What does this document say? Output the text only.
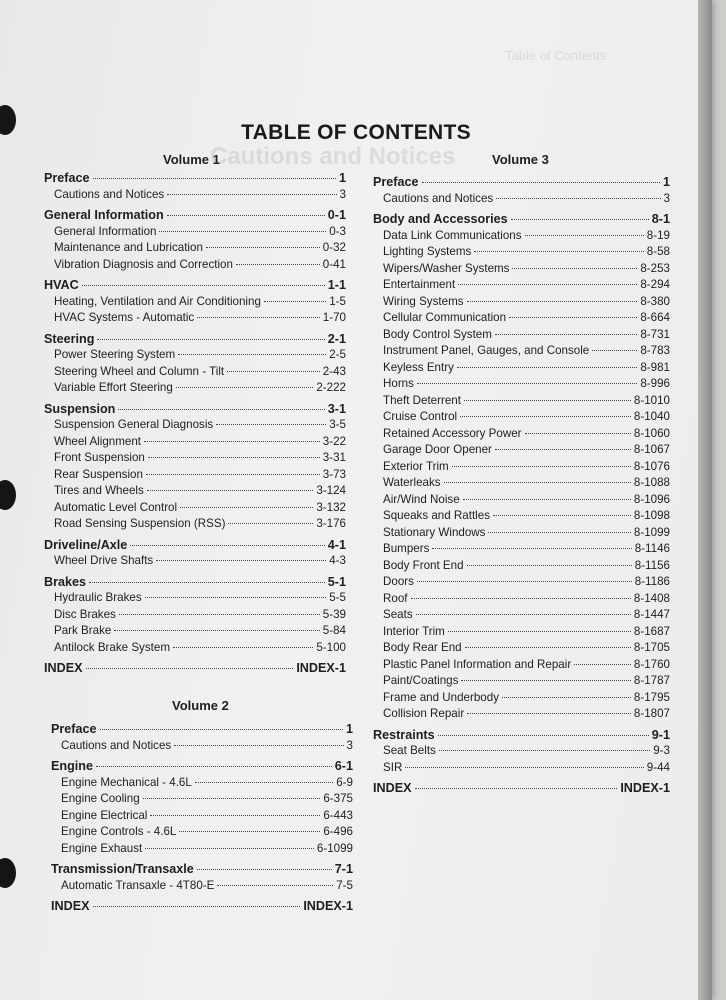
Table of Contents
Cautions and Notices
TABLE OF CONTENTS
Volume 1
Volume 2
Volume 3
Preface	1
Cautions and Notices	3
General Information	0-1
General Information	0-3
Maintenance and Lubrication	0-32
Vibration Diagnosis and Correction	0-41
HVAC	1-1
Heating, Ventilation and Air Conditioning	1-5
HVAC Systems - Automatic	1-70
Steering	2-1
Power Steering System	2-5
Steering Wheel and Column - Tilt	2-43
Variable Effort Steering	2-222
Suspension	3-1
Suspension General Diagnosis	3-5
Wheel Alignment	3-22
Front Suspension	3-31
Rear Suspension	3-73
Tires and Wheels	3-124
Automatic Level Control	3-132
Road Sensing Suspension (RSS)	3-176
Driveline/Axle	4-1
Wheel Drive Shafts	4-3
Brakes	5-1
Hydraulic Brakes	5-5
Disc Brakes	5-39
Park Brake	5-84
Antilock Brake System	5-100
INDEX	INDEX-1
Preface	1
Cautions and Notices	3
Engine	6-1
Engine Mechanical - 4.6L	6-9
Engine Cooling	6-375
Engine Electrical	6-443
Engine Controls - 4.6L	6-496
Engine Exhaust	6-1099
Transmission/Transaxle	7-1
Automatic Transaxle - 4T80-E	7-5
INDEX	INDEX-1
Preface	1
Cautions and Notices	3
Body and Accessories	8-1
Data Link Communications	8-19
Lighting Systems	8-58
Wipers/Washer Systems	8-253
Entertainment	8-294
Wiring Systems	8-380
Cellular Communication	8-664
Body Control System	8-731
Instrument Panel, Gauges, and Console	8-783
Keyless Entry	8-981
Horns	8-996
Theft Deterrent	8-1010
Cruise Control	8-1040
Retained Accessory Power	8-1060
Garage Door Opener	8-1067
Exterior Trim	8-1076
Waterleaks	8-1088
Air/Wind Noise	8-1096
Squeaks and Rattles	8-1098
Stationary Windows	8-1099
Bumpers	8-1146
Body Front End	8-1156
Doors	8-1186
Roof	8-1408
Seats	8-1447
Interior Trim	8-1687
Body Rear End	8-1705
Plastic Panel Information and Repair	8-1760
Paint/Coatings	8-1787
Frame and Underbody	8-1795
Collision Repair	8-1807
Restraints	9-1
Seat Belts	9-3
SIR	9-44
INDEX	INDEX-1
